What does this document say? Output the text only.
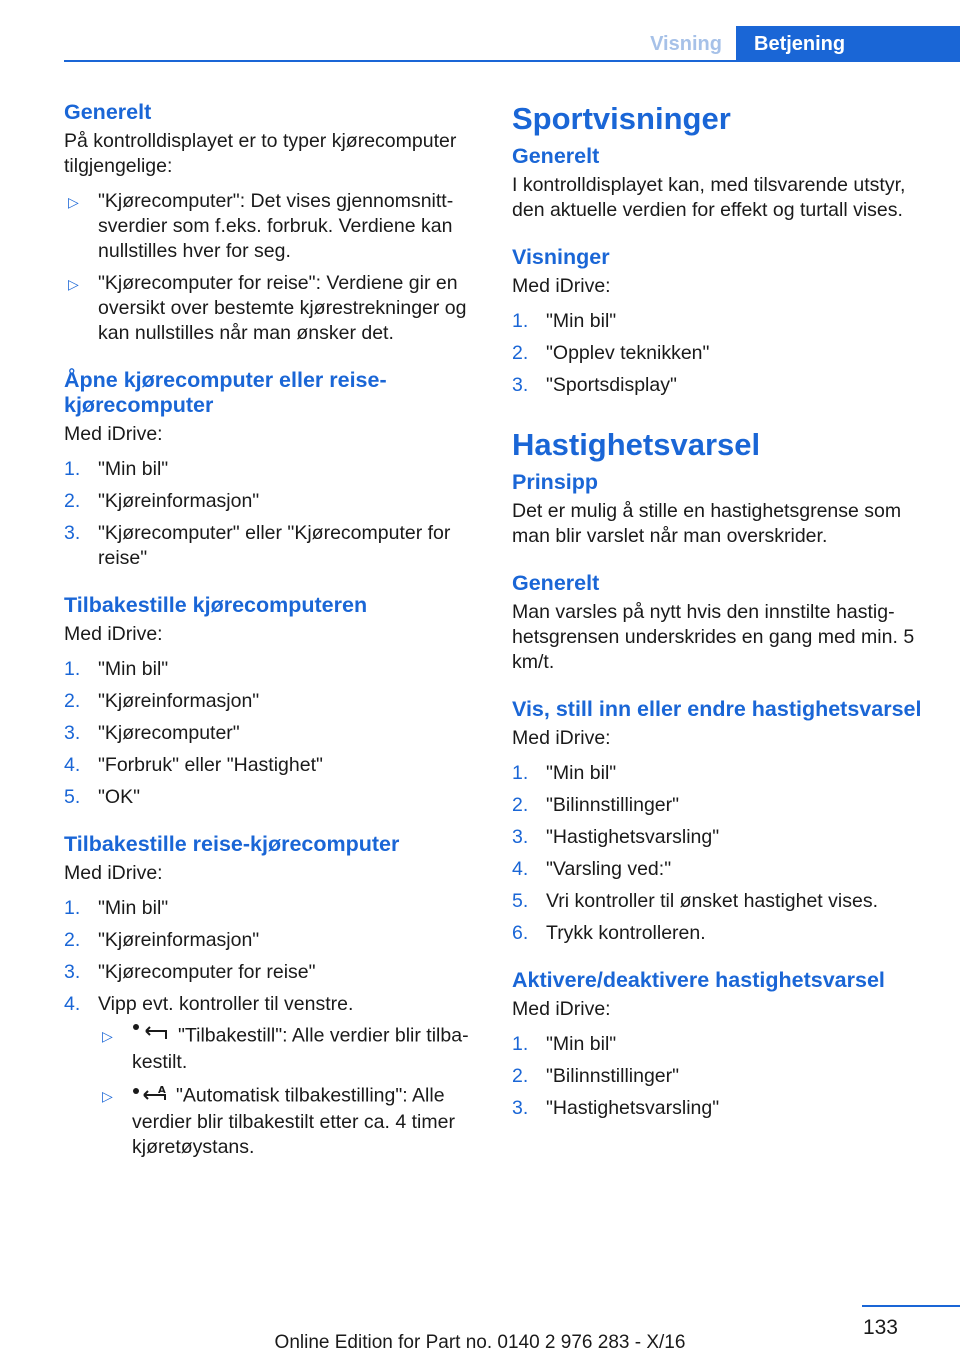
Visning	Betjening
Generelt
På kontrolldisplayet er to typer kjørecomputer tilgjengelige:
▷ "Kjørecomputer": Det vises gjennomsnittsverdier som f.eks. forbruk. Verdiene kan nullstilles hver for seg.
▷ "Kjørecomputer for reise": Verdiene gir en oversikt over bestemte kjørestrekninger og kan nullstilles når man ønsker det.
Åpne kjørecomputer eller reisekjørecomputer
Med iDrive:
1. "Min bil"
2. "Kjøreinformasjon"
3. "Kjørecomputer" eller "Kjørecomputer for reise"
Tilbakestille kjørecomputeren
Med iDrive:
1. "Min bil"
2. "Kjøreinformasjon"
3. "Kjørecomputer"
4. "Forbruk" eller "Hastighet"
5. "OK"
Tilbakestille reise-kjørecomputer
Med iDrive:
1. "Min bil"
2. "Kjøreinformasjon"
3. "Kjørecomputer for reise"
4. Vipp evt. kontroller til venstre.
▷	"Tilbakestill": Alle verdier blir tilbakestilt.
▷	A "Automatisk tilbakestilling": Alle verdier blir tilbakestilt etter ca. 4 timer kjøretøystans.
Sportvisninger
Generelt
I kontrolldisplayet kan, med tilsvarende utstyr, den aktuelle verdien for effekt og turtall vises.
Visninger
Med iDrive:
1. "Min bil"
2. "Opplev teknikken"
3. "Sportsdisplay"
Hastighetsvarsel
Prinsipp
Det er mulig å stille en hastighetsgrense som man blir varslet når man overskrider.
Generelt
Man varsles på nytt hvis den innstilte hastighetsgrensen underskrides en gang med min. 5 km/t.
Vis, still inn eller endre hastighetsvarsel
Med iDrive:
1. "Min bil"
2. "Bilinnstillinger"
3. "Hastighetsvarsling"
4. "Varsling ved:"
5. Vri kontroller til ønsket hastighet vises.
6. Trykk kontrolleren.
Aktivere/deaktivere hastighetsvarsel
Med iDrive:
1. "Min bil"
2. "Bilinnstillinger"
3. "Hastighetsvarsling"
133
Online Edition for Part no. 0140 2 976 283 - X/16
